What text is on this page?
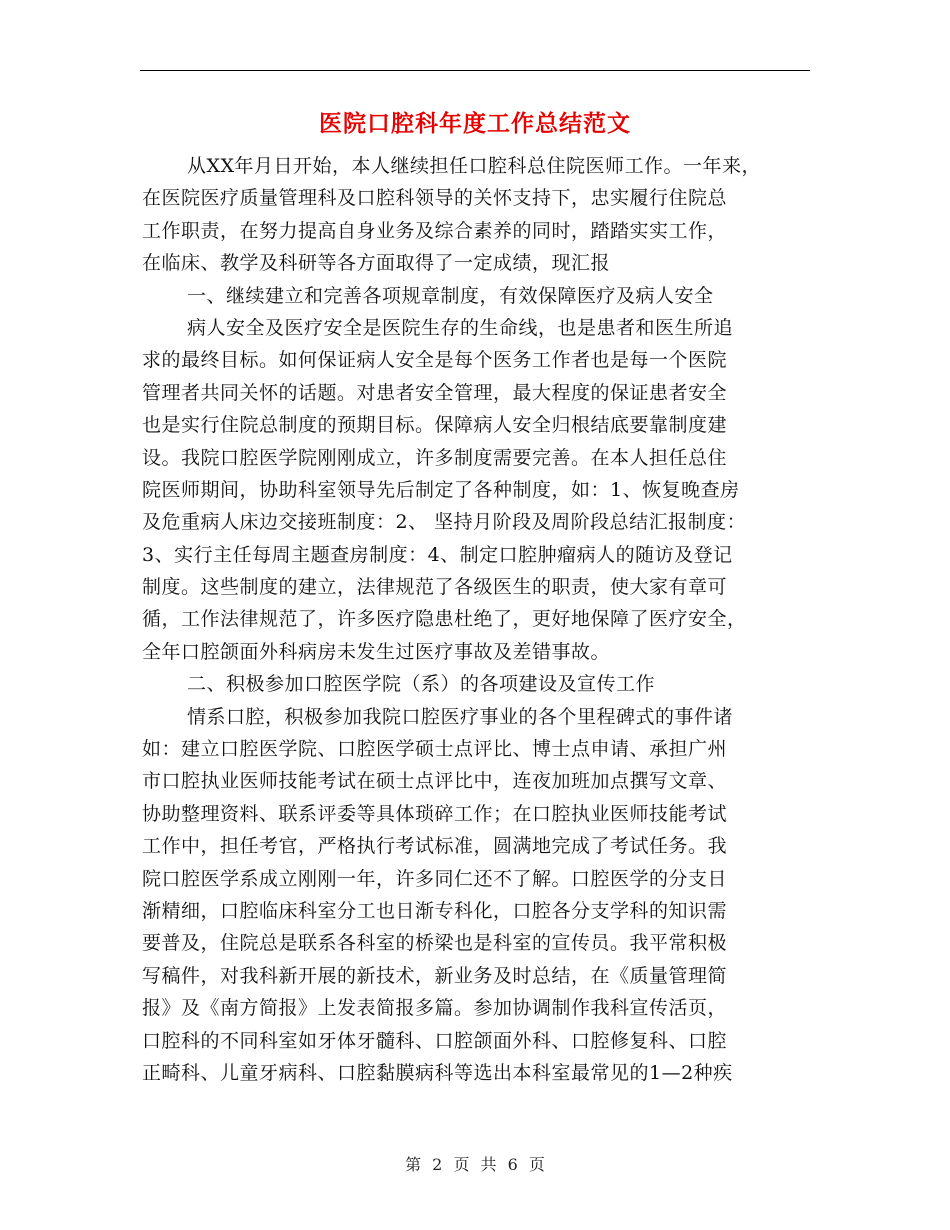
医院口腔科年度工作总结范文
从XX年月日开始，本人继续担任口腔科总住院医师工作。一年来，
在医院医疗质量管理科及口腔科领导的关怀支持下，忠实履行住院总
工作职责，在努力提高自身业务及综合素养的同时，踏踏实实工作，
在临床、教学及科研等各方面取得了一定成绩，现汇报
一、继续建立和完善各项规章制度，有效保障医疗及病人安全
病人安全及医疗安全是医院生存的生命线，也是患者和医生所追
求的最终目标。如何保证病人安全是每个医务工作者也是每一个医院
管理者共同关怀的话题。对患者安全管理，最大程度的保证患者安全
也是实行住院总制度的预期目标。保障病人安全归根结底要靠制度建
设。我院口腔医学院刚刚成立，许多制度需要完善。在本人担任总住
院医师期间，协助科室领导先后制定了各种制度，如：1、恢复晚查房
及危重病人床边交接班制度：2、 坚持月阶段及周阶段总结汇报制度：
3、实行主任每周主题查房制度：4、制定口腔肿瘤病人的随访及登记
制度。这些制度的建立，法律规范了各级医生的职责，使大家有章可
循，工作法律规范了，许多医疗隐患杜绝了，更好地保障了医疗安全，
全年口腔颌面外科病房未发生过医疗事故及差错事故。
二、积极参加口腔医学院（系）的各项建设及宣传工作
情系口腔，积极参加我院口腔医疗事业的各个里程碑式的事件诸
如：建立口腔医学院、口腔医学硕士点评比、博士点申请、承担广州
市口腔执业医师技能考试在硕士点评比中，连夜加班加点撰写文章、
协助整理资料、联系评委等具体琐碎工作；在口腔执业医师技能考试
工作中，担任考官，严格执行考试标准，圆满地完成了考试任务。我
院口腔医学系成立刚刚一年，许多同仁还不了解。口腔医学的分支日
渐精细，口腔临床科室分工也日渐专科化，口腔各分支学科的知识需
要普及，住院总是联系各科室的桥梁也是科室的宣传员。我平常积极
写稿件，对我科新开展的新技术，新业务及时总结，在《质量管理简
报》及《南方简报》上发表简报多篇。参加协调制作我科宣传活页，
口腔科的不同科室如牙体牙髓科、口腔颌面外科、口腔修复科、口腔
正畸科、儿童牙病科、口腔黏膜病科等选出本科室最常见的1—2种疾
第 2 页 共 6 页
